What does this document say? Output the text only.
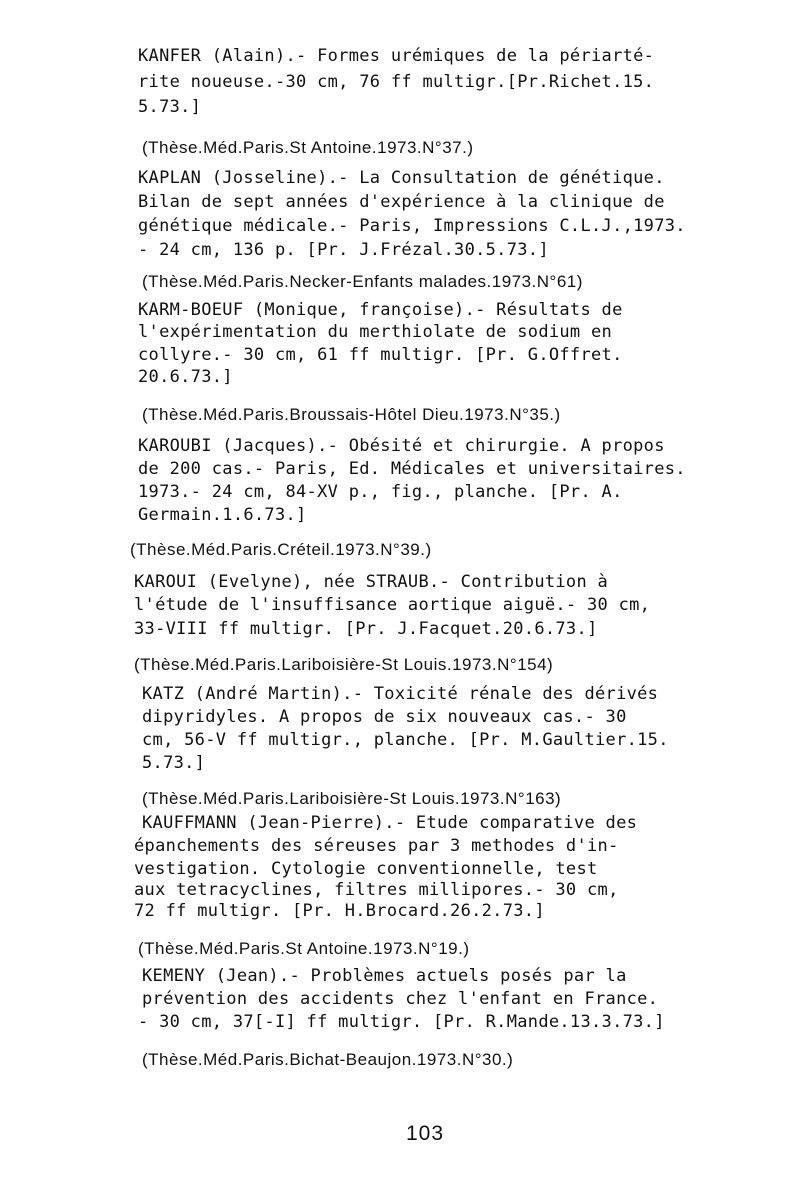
KANFER (Alain).- Formes urémiques de la périarté-
rite noueuse.-30 cm, 76 ff multigr.[Pr.Richet.15.
5.73.]
(Thèse.Méd.Paris.St Antoine.1973.N°37.)
KAPLAN (Josseline).- La Consultation de génétique.
Bilan de sept années d'expérience à la clinique de
génétique médicale.- Paris, Impressions C.L.J.,1973.
- 24 cm, 136 p. [Pr. J.Frézal.30.5.73.]
(Thèse.Méd.Paris.Necker-Enfants malades.1973.N°61)
KARM-BOEUF (Monique, françoise).- Résultats de
l'expérimentation du merthiolate de sodium en
collyre.- 30 cm, 61 ff multigr. [Pr. G.Offret.
20.6.73.]
(Thèse.Méd.Paris.Broussais-Hôtel Dieu.1973.N°35.)
KAROUBI (Jacques).- Obésité et chirurgie. A propos
de 200 cas.- Paris, Ed. Médicales et universitaires.
1973.- 24 cm, 84-XV p., fig., planche. [Pr. A.
Germain.1.6.73.]
(Thèse.Méd.Paris.Créteil.1973.N°39.)
KAROUI (Evelyne), née STRAUB.- Contribution à
l'étude de l'insuffisance aortique aiguë.- 30 cm,
33-VIII ff multigr. [Pr. J.Facquet.20.6.73.]
(Thèse.Méd.Paris.Lariboisière-St Louis.1973.N°154)
KATZ (André Martin).- Toxicité rénale des dérivés
dipyridyles. A propos de six nouveaux cas.- 30
cm, 56-V ff multigr., planche. [Pr. M.Gaultier.15.
5.73.]
(Thèse.Méd.Paris.Lariboisière-St Louis.1973.N°163)
KAUFFMANN (Jean-Pierre).- Etude comparative des
épanchements des séreuses par 3 methodes d'in-
vestigation. Cytologie conventionnelle, test
aux tetracyclines, filtres millipores.- 30 cm,
72 ff multigr. [Pr. H.Brocard.26.2.73.]
(Thèse.Méd.Paris.St Antoine.1973.N°19.)
KEMENY (Jean).- Problèmes actuels posés par la
prévention des accidents chez l'enfant en France.
- 30 cm, 37[-I] ff multigr. [Pr. R.Mande.13.3.73.]
(Thèse.Méd.Paris.Bichat-Beaujon.1973.N°30.)
103
